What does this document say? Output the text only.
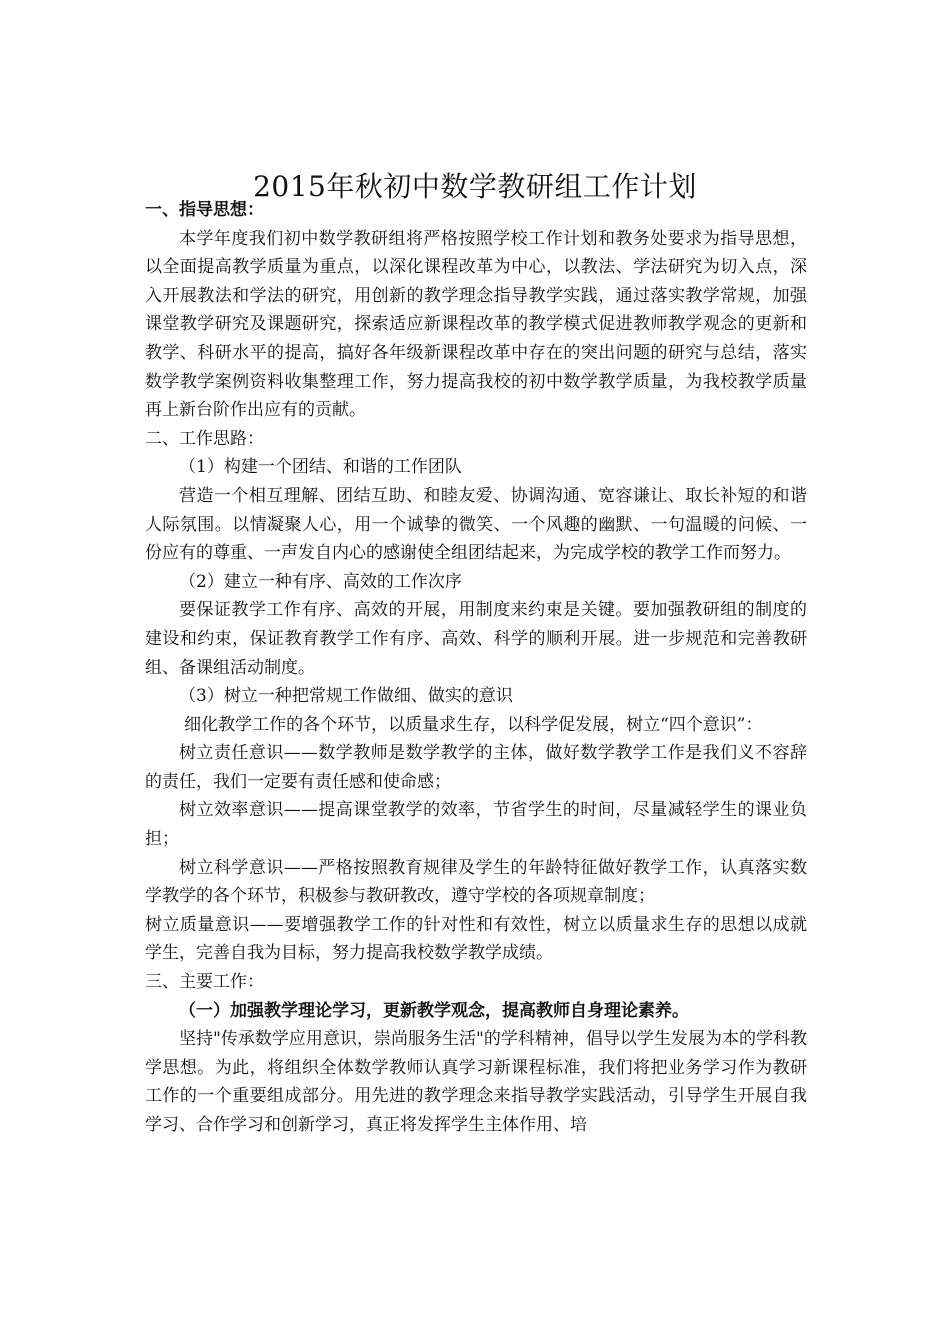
2015年秋初中数学教研组工作计划

一、指导思想：

本学年度我们初中数学教研组将严格按照学校工作计划和教务处要求为指导思想，以全面提高教学质量为重点，以深化课程改革为中心，以教法、学法研究为切入点，深入开展教法和学法的研究，用创新的教学理念指导教学实践，通过落实教学常规，加强课堂教学研究及课题研究，探索适应新课程改革的教学模式促进教师教学观念的更新和教学、科研水平的提高，搞好各年级新课程改革中存在的突出问题的研究与总结，落实数学教学案例资料收集整理工作，努力提高我校的初中数学教学质量，为我校教学质量再上新台阶作出应有的贡献。

二、工作思路：

（1）构建一个团结、和谐的工作团队

营造一个相互理解、团结互助、和睦友爱、协调沟通、宽容谦让、取长补短的和谐人际氛围。以情凝聚人心，用一个诚挚的微笑、一个风趣的幽默、一句温暖的问候、一份应有的尊重、一声发自内心的感谢使全组团结起来，为完成学校的教学工作而努力。

（2）建立一种有序、高效的工作次序

要保证教学工作有序、高效的开展，用制度来约束是关键。要加强教研组的制度的建设和约束，保证教育教学工作有序、高效、科学的顺利开展。进一步规范和完善教研组、备课组活动制度。

（3）树立一种把常规工作做细、做实的意识

细化教学工作的各个环节，以质量求生存，以科学促发展，树立“四个意识”：

树立责任意识——数学教师是数学教学的主体，做好数学教学工作是我们义不容辞的责任，我们一定要有责任感和使命感；

树立效率意识——提高课堂教学的效率，节省学生的时间，尽量减轻学生的课业负担；

树立科学意识——严格按照教育规律及学生的年龄特征做好教学工作，认真落实数学教学的各个环节，积极参与教研教改，遵守学校的各项规章制度；

树立质量意识——要增强教学工作的针对性和有效性，树立以质量求生存的思想以成就学生，完善自我为目标，努力提高我校数学教学成绩。

三、主要工作：

（一）加强教学理论学习，更新教学观念，提高教师自身理论素养。

坚持"传承数学应用意识，崇尚服务生活"的学科精神，倡导以学生发展为本的学科教学思想。为此，将组织全体数学教师认真学习新课程标准，我们将把业务学习作为教研工作的一个重要组成部分。用先进的教学理念来指导教学实践活动，引导学生开展自我学习、合作学习和创新学习，真正将发挥学生主体作用、培
